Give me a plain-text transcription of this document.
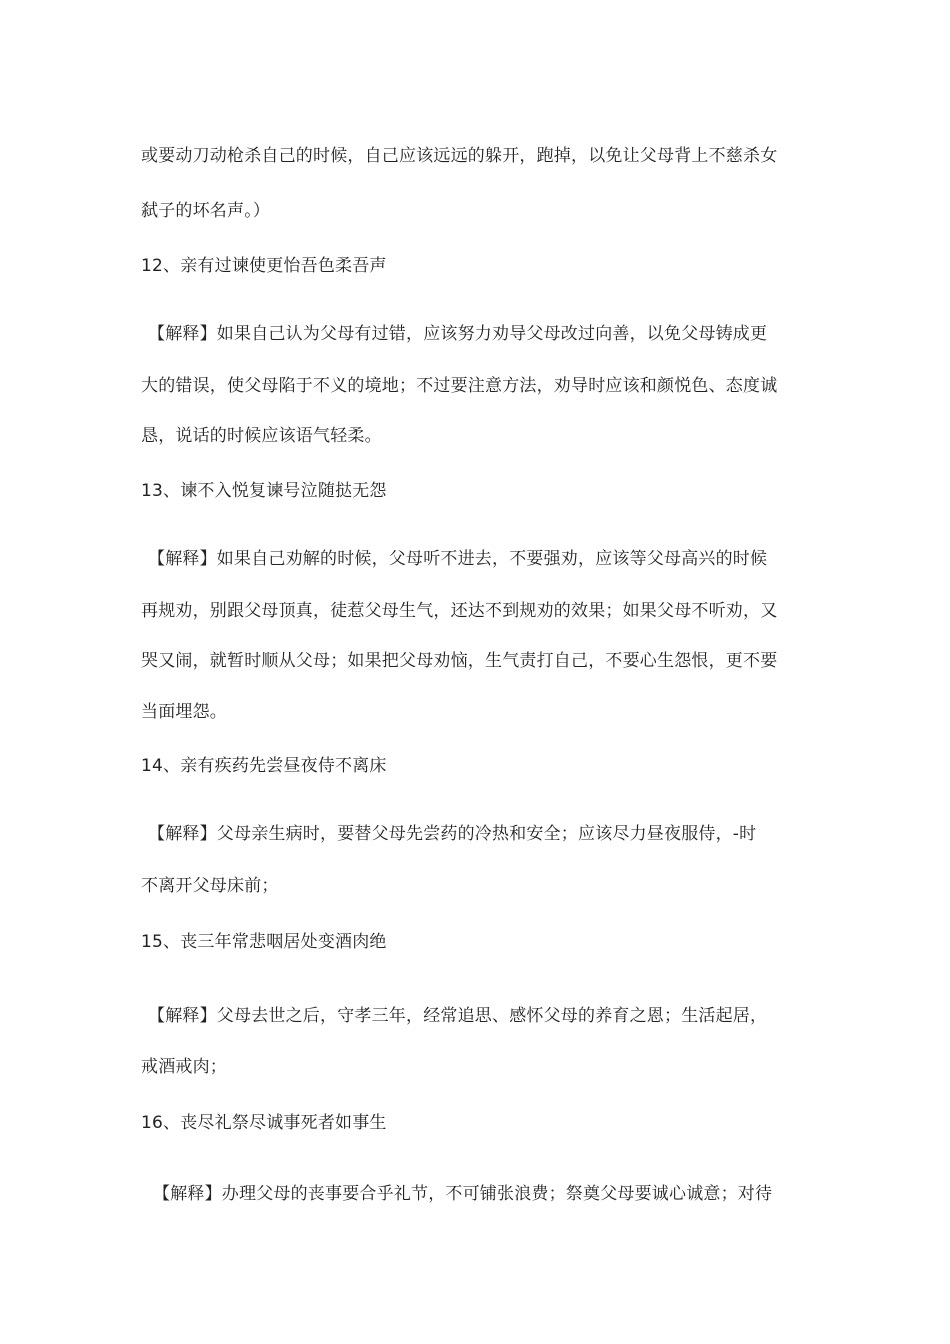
或要动刀动枪杀自己的时候，自己应该远远的躲开，跑掉，以免让父母背上不慈杀女
弑子的坏名声。）
12、亲有过谏使更怡吾色柔吾声
【解释】如果自己认为父母有过错，应该努力劝导父母改过向善，以免父母铸成更
大的错误，使父母陷于不义的境地；不过要注意方法，劝导时应该和颜悦色、态度诚
恳，说话的时候应该语气轻柔。
13、谏不入悦复谏号泣随挞无怨
【解释】如果自己劝解的时候，父母听不进去，不要强劝，应该等父母高兴的时候
再规劝，别跟父母顶真，徒惹父母生气，还达不到规劝的效果；如果父母不听劝，又
哭又闹，就暂时顺从父母；如果把父母劝恼，生气责打自己，不要心生怨恨，更不要
当面埋怨。
14、亲有疾药先尝昼夜侍不离床
【解释】父母亲生病时，要替父母先尝药的冷热和安全；应该尽力昼夜服侍，-时
不离开父母床前；
15、丧三年常悲咽居处变酒肉绝
【解释】父母去世之后，守孝三年，经常追思、感怀父母的养育之恩；生活起居，
戒酒戒肉；
16、丧尽礼祭尽诚事死者如事生
【解释】办理父母的丧事要合乎礼节，不可铺张浪费；祭奠父母要诚心诚意；对待
